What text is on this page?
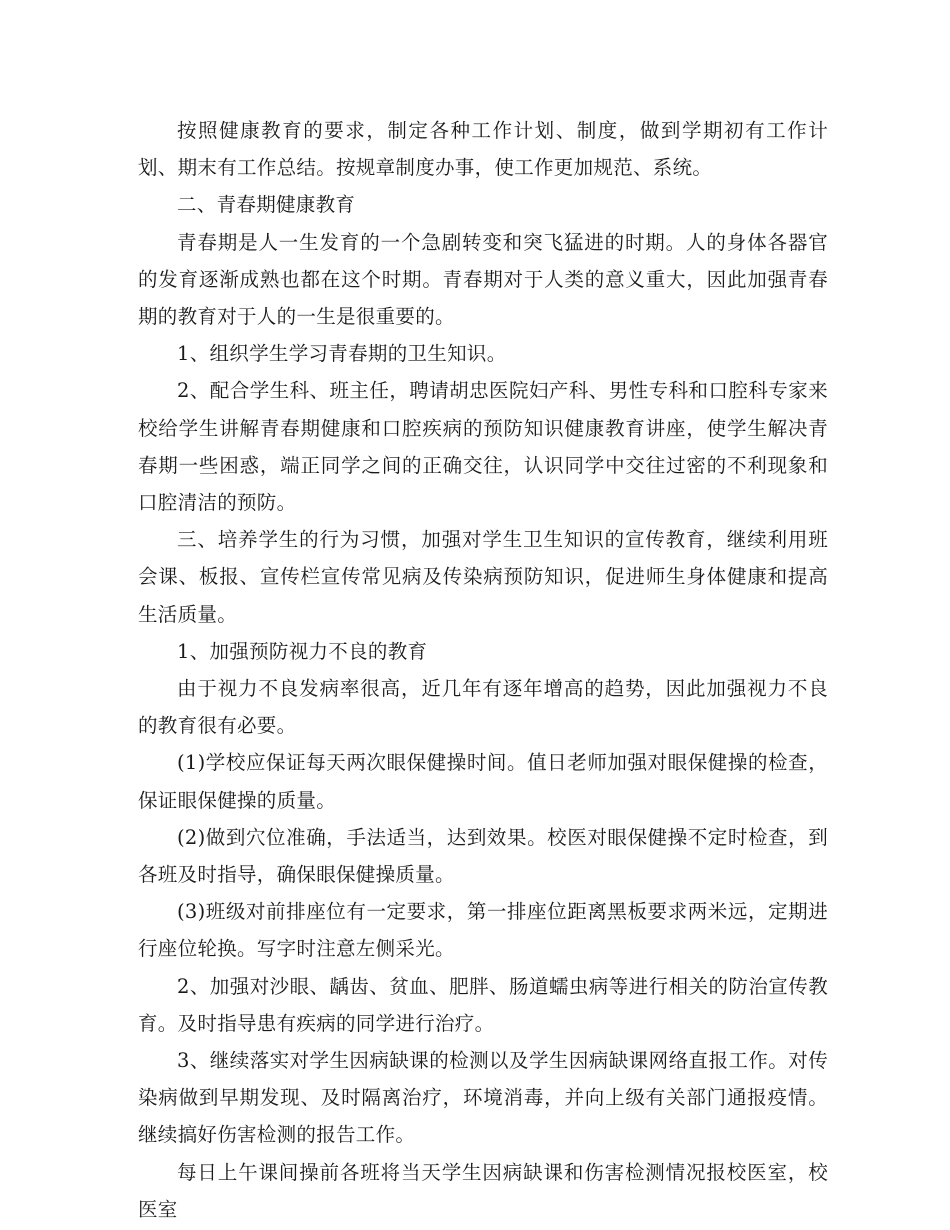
按照健康教育的要求，制定各种工作计划、制度，做到学期初有工作计划、期末有工作总结。按规章制度办事，使工作更加规范、系统。

二、青春期健康教育

青春期是人一生发育的一个急剧转变和突飞猛进的时期。人的身体各器官的发育逐渐成熟也都在这个时期。青春期对于人类的意义重大，因此加强青春期的教育对于人的一生是很重要的。

1、组织学生学习青春期的卫生知识。

2、配合学生科、班主任，聘请胡忠医院妇产科、男性专科和口腔科专家来校给学生讲解青春期健康和口腔疾病的预防知识健康教育讲座，使学生解决青春期一些困惑，端正同学之间的正确交往，认识同学中交往过密的不利现象和口腔清洁的预防。

三、培养学生的行为习惯，加强对学生卫生知识的宣传教育，继续利用班会课、板报、宣传栏宣传常见病及传染病预防知识，促进师生身体健康和提高生活质量。

1、加强预防视力不良的教育

由于视力不良发病率很高，近几年有逐年增高的趋势，因此加强视力不良的教育很有必要。

(1)学校应保证每天两次眼保健操时间。值日老师加强对眼保健操的检查，保证眼保健操的质量。

(2)做到穴位准确，手法适当，达到效果。校医对眼保健操不定时检查，到各班及时指导，确保眼保健操质量。

(3)班级对前排座位有一定要求，第一排座位距离黑板要求两米远，定期进行座位轮换。写字时注意左侧采光。

2、加强对沙眼、龋齿、贫血、肥胖、肠道蠕虫病等进行相关的防治宣传教育。及时指导患有疾病的同学进行治疗。

3、继续落实对学生因病缺课的检测以及学生因病缺课网络直报工作。对传染病做到早期发现、及时隔离治疗，环境消毒，并向上级有关部门通报疫情。继续搞好伤害检测的报告工作。

每日上午课间操前各班将当天学生因病缺课和伤害检测情况报校医室，校医室
